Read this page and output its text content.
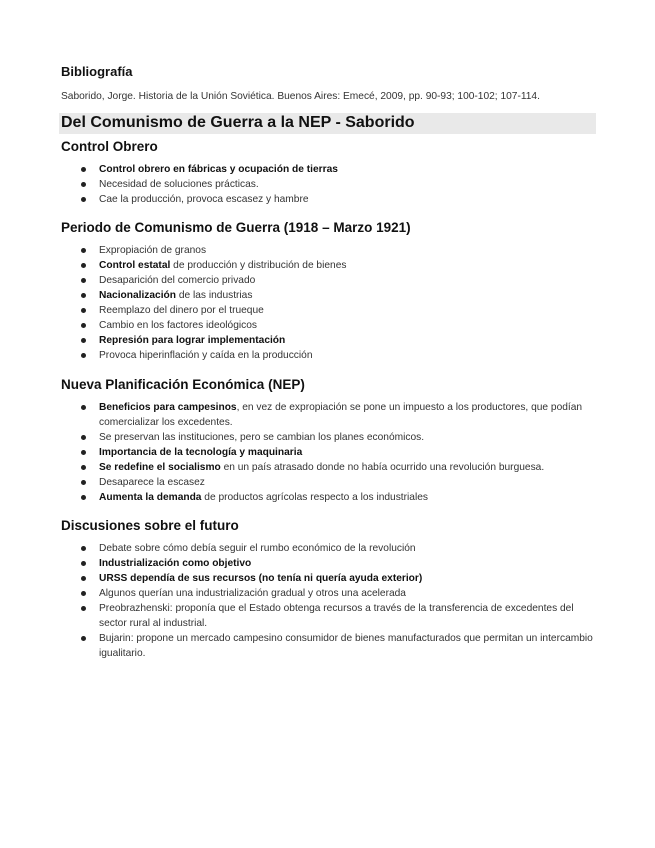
Bibliografía
Saborido, Jorge. Historia de la Unión Soviética. Buenos Aires: Emecé, 2009, pp. 90-93; 100-102; 107-114.
Del Comunismo de Guerra a la NEP - Saborido
Control Obrero
Control obrero en fábricas y ocupación de tierras
Necesidad de soluciones prácticas.
Cae la producción, provoca escasez y hambre
Periodo de Comunismo de Guerra (1918 – Marzo 1921)
Expropiación de granos
Control estatal de producción y distribución de bienes
Desaparición del comercio privado
Nacionalización de las industrias
Reemplazo del dinero por el trueque
Cambio en los factores ideológicos
Represión para lograr implementación
Provoca hiperinflación y caída en la producción
Nueva Planificación Económica (NEP)
Beneficios para campesinos, en vez de expropiación se pone un impuesto a los productores, que podían comercializar los excedentes.
Se preservan las instituciones, pero se cambian los planes económicos.
Importancia de la tecnología y maquinaria
Se redefine el socialismo en un país atrasado donde no había ocurrido una revolución burguesa.
Desaparece la escasez
Aumenta la demanda de productos agrícolas respecto a los industriales
Discusiones sobre el futuro
Debate sobre cómo debía seguir el rumbo económico de la revolución
Industrialización como objetivo
URSS dependía de sus recursos (no tenía ni quería ayuda exterior)
Algunos querían una industrialización gradual y otros una acelerada
Preobrazhenski: proponía que el Estado obtenga recursos a través de la transferencia de excedentes del sector rural al industrial.
Bujarin: propone un mercado campesino consumidor de bienes manufacturados que permitan un intercambio igualitario.
